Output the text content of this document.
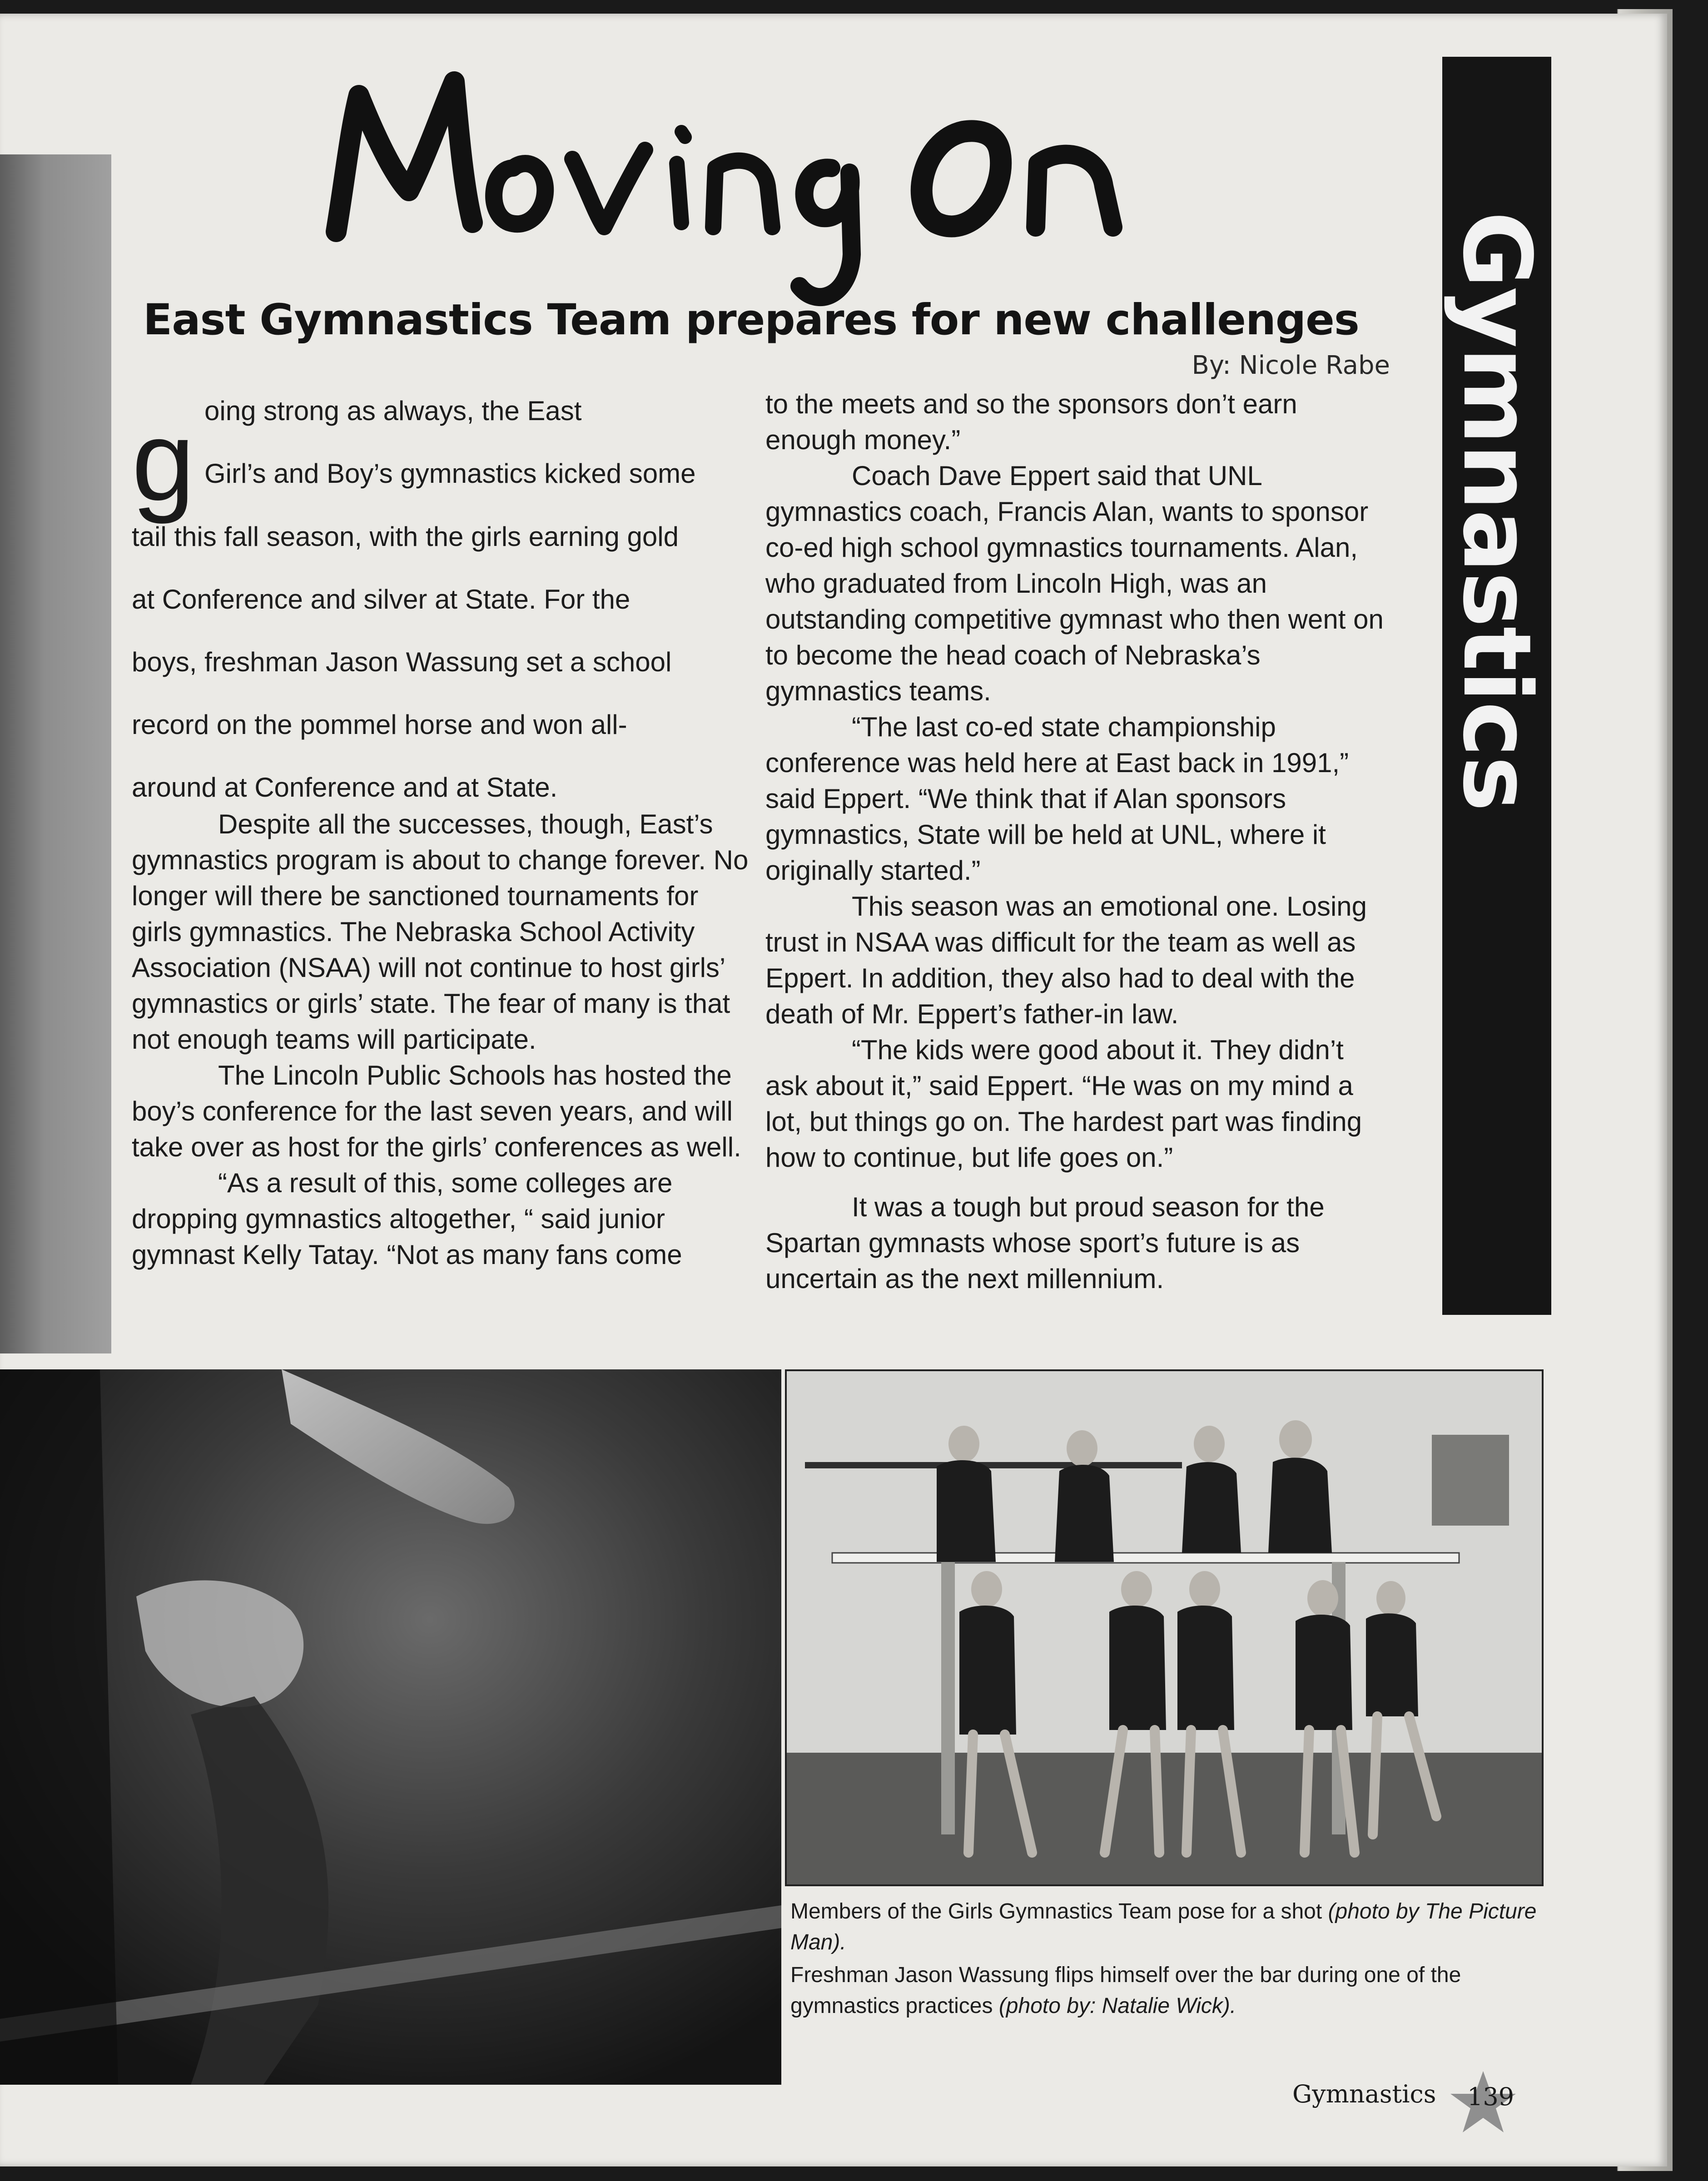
East Gymnastics Team prepares for new challenges
By: Nicole Rabe
g oing strong as always, the East
Girl’s and Boy’s gymnastics kicked some
tail this fall season, with the girls earning gold
at Conference and silver at State. For the
boys, freshman Jason Wassung set a school
record on the pommel horse and won all-
around at Conference and at State.

Despite all the successes, though, East’s gymnastics program is about to change forever. No longer will there be sanctioned tournaments for girls gymnastics. The Nebraska School Activity Association (NSAA) will not continue to host girls’ gymnastics or girls’ state. The fear of many is that not enough teams will participate.

The Lincoln Public Schools has hosted the boy’s conference for the last seven years, and will take over as host for the girls’ conferences as well.

“As a result of this, some colleges are dropping gymnastics altogether, “ said junior gymnast Kelly Tatay. “Not as many fans come

to the meets and so the sponsors don’t earn enough money.”

Coach Dave Eppert said that UNL gymnastics coach, Francis Alan, wants to sponsor co-ed high school gymnastics tournaments. Alan, who graduated from Lincoln High, was an outstanding competitive gymnast who then went on to become the head coach of Nebraska’s gymnastics teams.

“The last co-ed state championship conference was held here at East back in 1991,” said Eppert. “We think that if Alan sponsors gymnastics, State will be held at UNL, where it originally started.”

This season was an emotional one. Losing trust in NSAA was difficult for the team as well as Eppert. In addition, they also had to deal with the death of Mr. Eppert’s father-in law.

“The kids were good about it. They didn’t ask about it,” said Eppert. “He was on my mind a lot, but things go on. The hardest part was finding how to continue, but life goes on.”

It was a tough but proud season for the Spartan gymnasts whose sport’s future is as uncertain as the next millennium.

Gymnastics
Members of the Girls Gymnastics Team pose for a shot (photo by The Picture Man).
Freshman Jason Wassung flips himself over the bar during one of the gymnastics practices (photo by: Natalie Wick).
Gymnastics 139
